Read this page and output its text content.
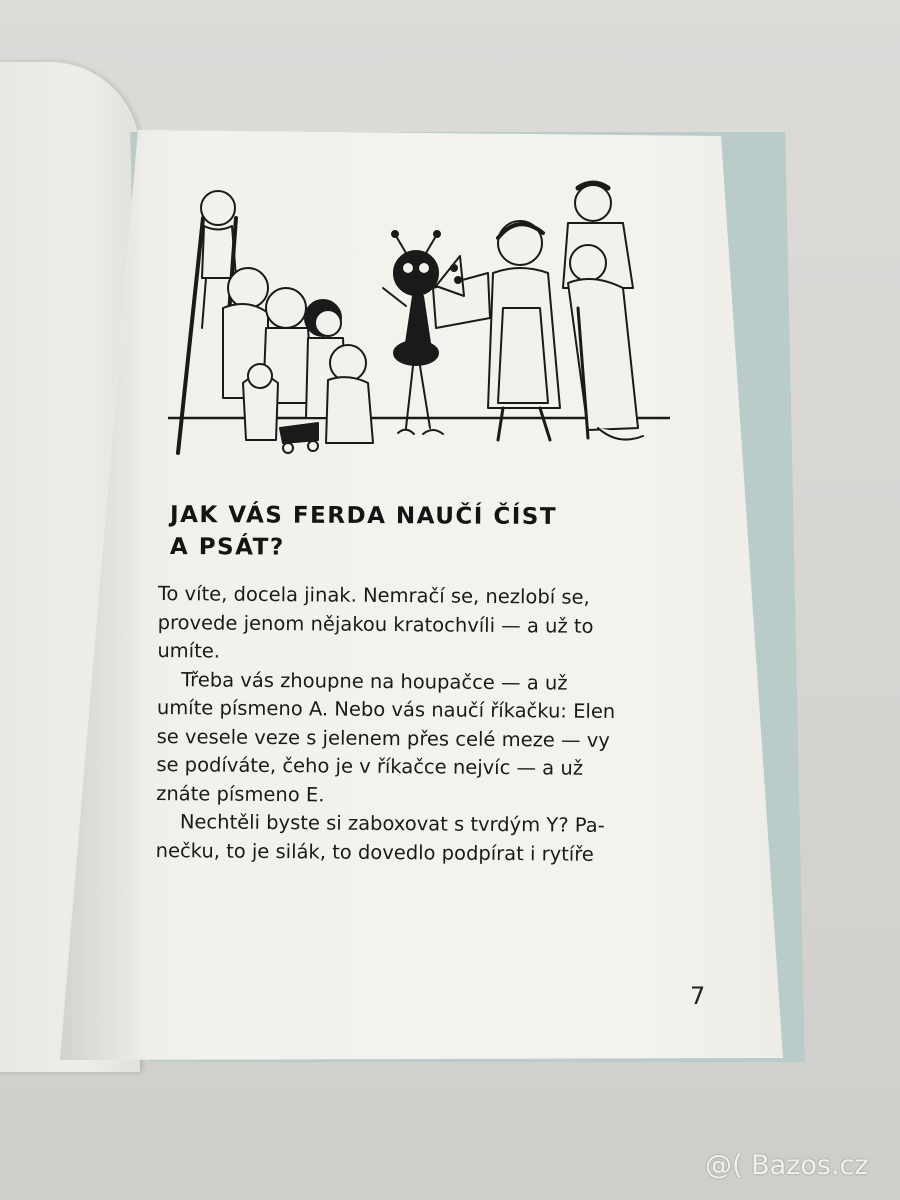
JAK VÁS FERDA NAUČÍ ČÍST
A PSÁT?
To víte, docela jinak. Nemračí se, nezlobí se,
provede jenom nějakou kratochvíli — a už to
umíte.
Třeba vás zhoupne na houpačce — a už
umíte písmeno A. Nebo vás naučí říkačku: Elen
se vesele veze s jelenem přes celé meze — vy
se podíváte, čeho je v říkačce nejvíc — a už
znáte písmeno E.
Nechtěli byste si zaboxovat s tvrdým Y? Pa-
nečku, to je silák, to dovedlo podpírat i rytíře
7
@( Bazos.cz
